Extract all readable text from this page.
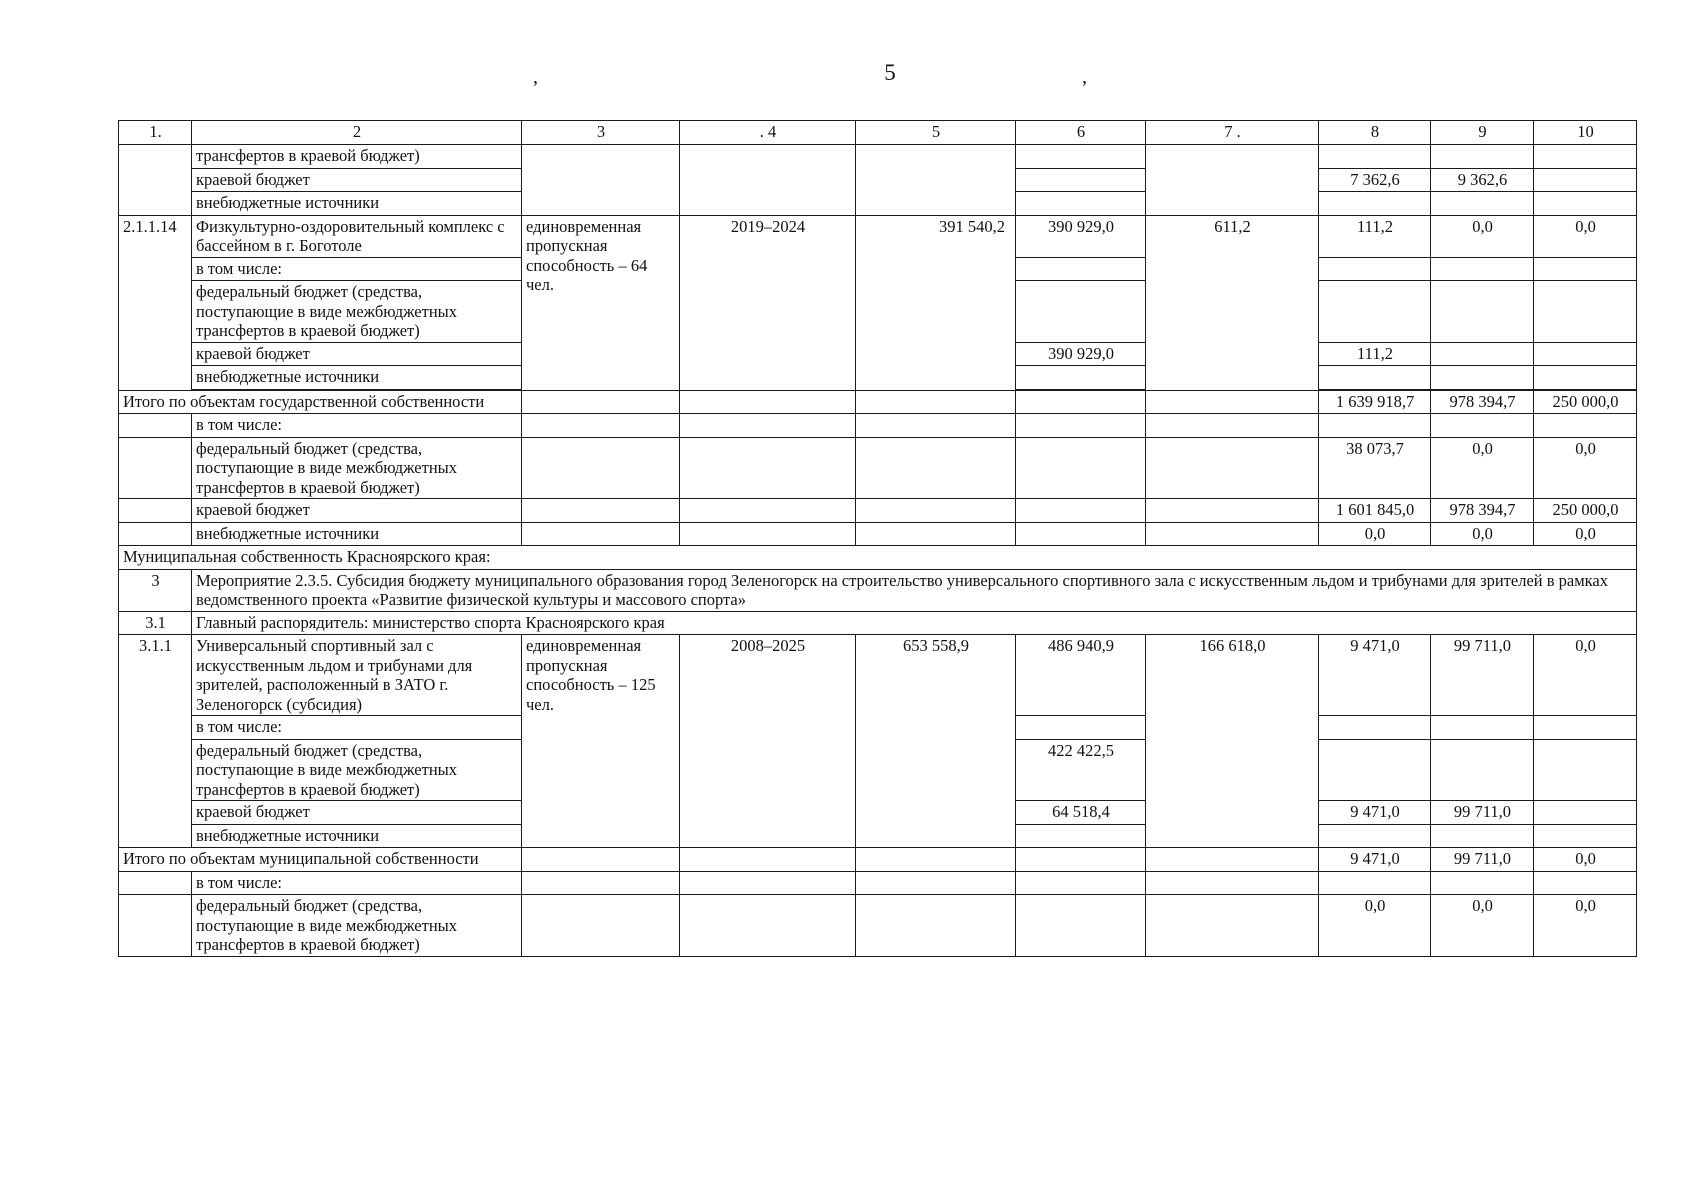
5
,	,
1.	2	3	. 4	5	6	7 .	8	9	10
	трансфертов в краевой бюджет)								
	краевой бюджет						7 362,6	9 362,6	
	внебюджетные источники								
2.1.1.14	Физкультурно-оздоровительный комплекс с бассейном в г. Боготоле	единовременная пропускная способность – 64 чел.	2019–2024	391 540,2	390 929,0	611,2	111,2	0,0	0,0
	в том числе:								
	федеральный бюджет (средства, поступающие в виде межбюджетных трансфертов в краевой бюджет)								
	краевой бюджет				390 929,0		111,2		
	внебюджетные источники								

Итого по объектам государственной собственности							1 639 918,7	978 394,7	250 000,0
	в том числе:								
	федеральный бюджет (средства, поступающие в виде межбюджетных трансфертов в краевой бюджет)						38 073,7	0,0	0,0
	краевой бюджет						1 601 845,0	978 394,7	250 000,0
	внебюджетные источники						0,0	0,0	0,0
Муниципальная собственность Красноярского края:									
3	Мероприятие 2.3.5. Субсидия бюджету муниципального образования город Зеленогорск на строительство универсального спортивного зала с искусственным льдом и трибунами для зрителей в рамках ведомственного проекта «Развитие физической культуры и массового спорта»								
3.1	Главный распорядитель: министерство спорта Красноярского края								
3.1.1	Универсальный спортивный зал с искусственным льдом и трибунами для зрителей, расположенный в ЗАТО г. Зеленогорск (субсидия)	единовременная пропускная способность – 125 чел.	2008–2025	653 558,9	486 940,9	166 618,0	9 471,0	99 711,0	0,0
	в том числе:								
	федеральный бюджет (средства, поступающие в виде межбюджетных трансфертов в краевой бюджет)				422 422,5				
	краевой бюджет				64 518,4		9 471,0	99 711,0	
	внебюджетные источники								
Итого по объектам муниципальной собственности							9 471,0	99 711,0	0,0
	в том числе:								
	федеральный бюджет (средства, поступающие в виде межбюджетных трансфертов в краевой бюджет)						0,0	0,0	0,0
